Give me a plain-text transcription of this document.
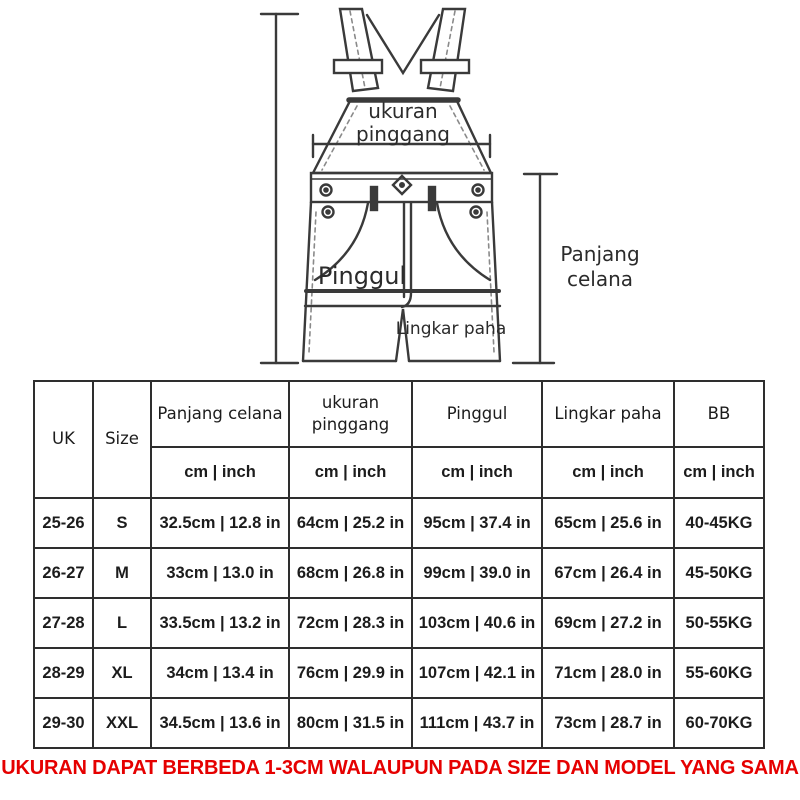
ukuran
pinggang
Pinggul
Lingkar paha
Panjang
celana
UK	Size	Panjang celana	ukuran pinggang	Pinggul	Lingkar paha	BB
		cm | inch	cm | inch	cm | inch	cm | inch	cm | inch
25-26	S	32.5cm | 12.8 in	64cm | 25.2 in	95cm | 37.4 in	65cm | 25.6 in	40-45KG
26-27	M	33cm | 13.0 in	68cm | 26.8 in	99cm | 39.0 in	67cm | 26.4 in	45-50KG
27-28	L	33.5cm | 13.2 in	72cm | 28.3 in	103cm | 40.6 in	69cm | 27.2 in	50-55KG
28-29	XL	34cm | 13.4 in	76cm | 29.9 in	107cm | 42.1 in	71cm | 28.0 in	55-60KG
29-30	XXL	34.5cm | 13.6 in	80cm | 31.5 in	111cm | 43.7 in	73cm | 28.7 in	60-70KG
UKURAN DAPAT BERBEDA 1-3CM WALAUPUN PADA SIZE DAN MODEL YANG SAMA
